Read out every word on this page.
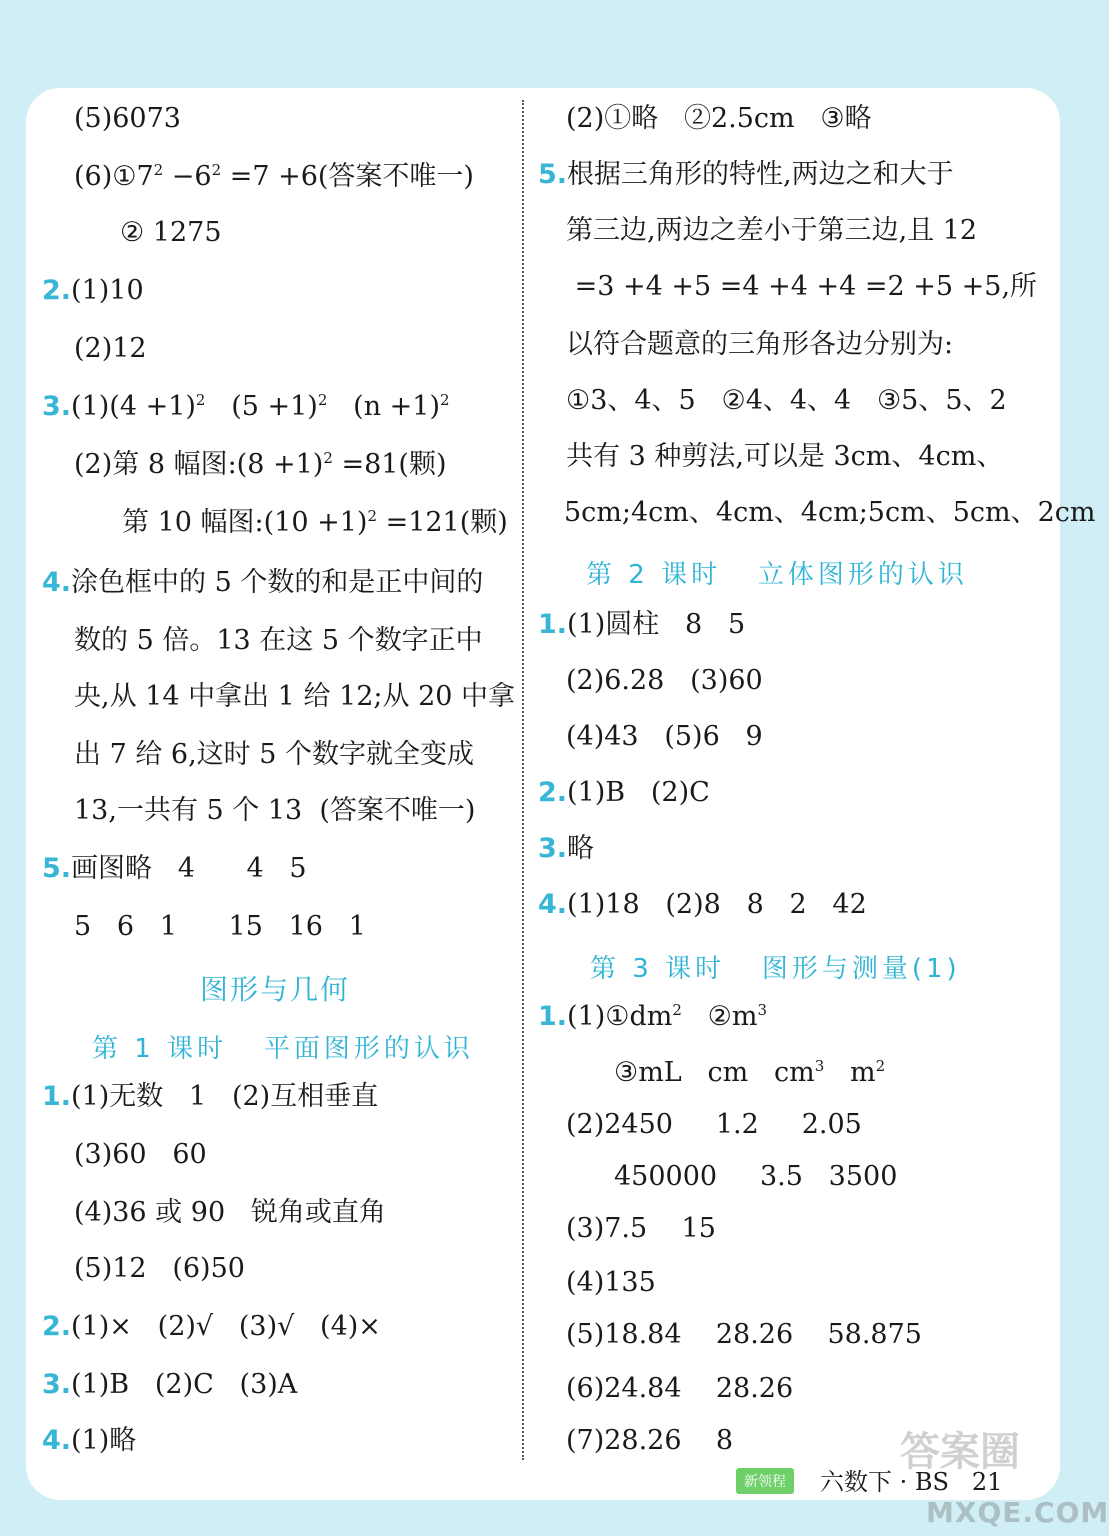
(5)6073
$(6)①7^2 -6^2 =7 +6$(答案不唯一)
② 1275
2.(1)10
(2)12
$3.(1)(4 +1)^2$   $(5 +1)^2$   $(n +1)^2$
(2)第 8 幅图:(8 +1)$^2$ =81(颗)
第 10 幅图:(10 +1)$^2$ =121(颗)
4.涂色框中的 5 个数的和是正中间的
数的 5 倍。13 在这 5 个数字正中
央,从 14 中拿出 1 给 12;从 20 中拿
出 7 给 6,这时 5 个数字就全变成
13,一共有 5 个 13  (答案不唯一)
5.画图略   4      4   5
5   6   1      15   16   1
图形与几何
第 1 课时   平面图形的认识
1.(1)无数   1   (2)互相垂直
(3)60   60
(4)36 或 90   锐角或直角
(5)12   (6)50
2.(1)×   (2)√   (3)√   (4)×
3.(1)B   (2)C   (3)A
4.(1)略
(2)①略   ②2.5cm   ③略
5.根据三角形的特性,两边之和大于
第三边,两边之差小于第三边,且 12
=3 +4 +5 =4 +4 +4 =2 +5 +5,所
以符合题意的三角形各边分别为:
①3、4、5   ②4、4、4   ③5、5、2
共有 3 种剪法,可以是 3cm、4cm、
5cm;4cm、4cm、4cm;5cm、5cm、2cm
第 2 课时   立体图形的认识
1.(1)圆柱   8   5
(2)6.28   (3)60
(4)43   (5)6   9
2.(1)B   (2)C
3.略
4.(1)18   (2)8   8   2   42
第 3 课时   图形与测量(1)
$1.(1)①dm^2$   $②m^3$
③mL   cm   $cm^3$   $m^2$
(2)2450     1.2     2.05
450000     3.5   3500
(3)7.5    15
(4)135
(5)18.84    28.26    58.875
(6)24.84    28.26
(7)28.26    8
新领程	六数下 · BS   21
答案圈
MXQE.COM
